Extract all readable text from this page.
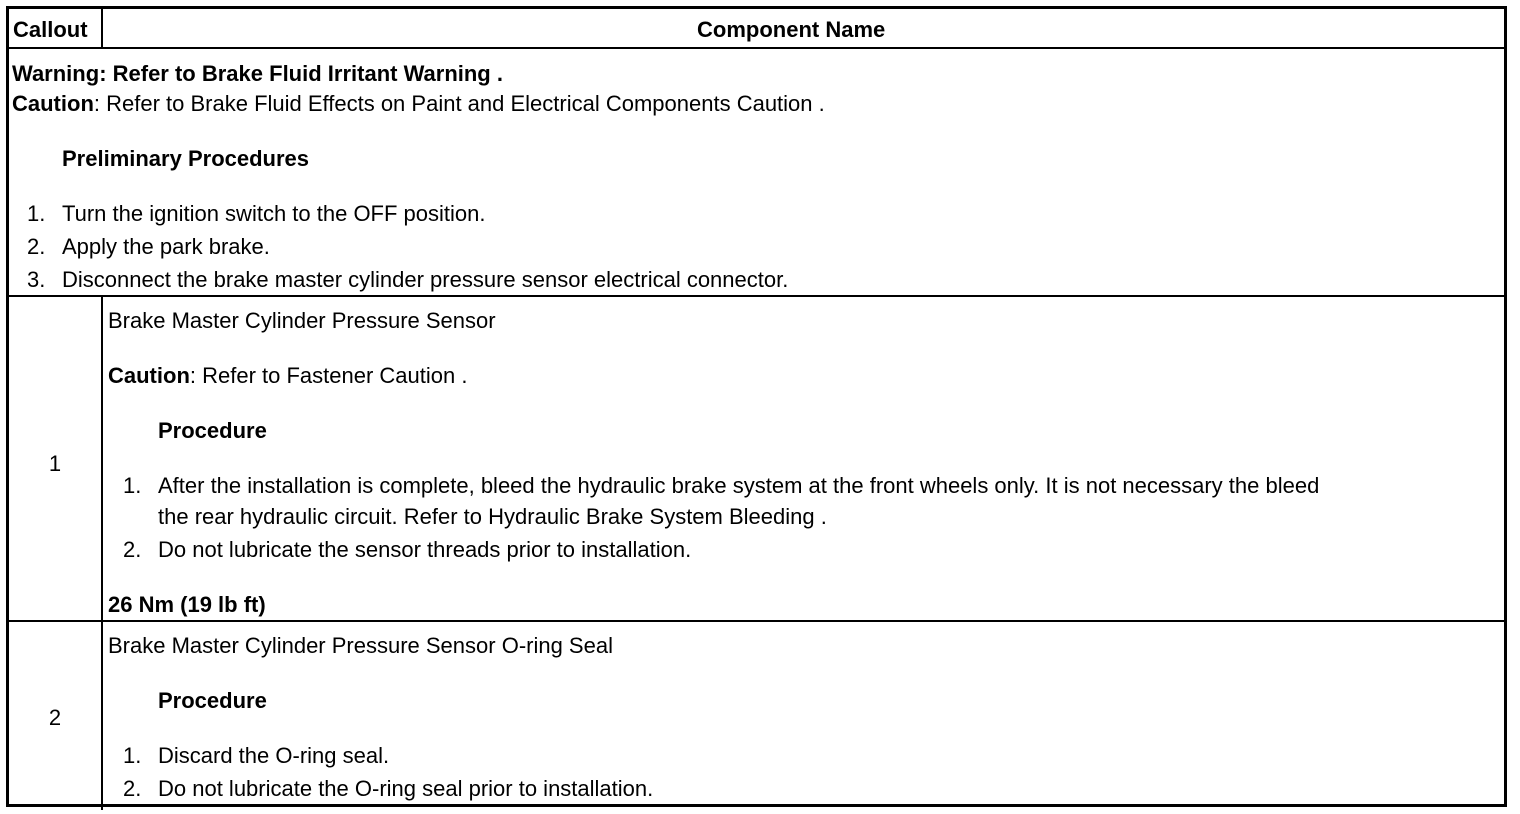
Callout	Component Name
Warning: Refer to Brake Fluid Irritant Warning .
Caution: Refer to Brake Fluid Effects on Paint and Electrical Components Caution .
Preliminary Procedures
1. Turn the ignition switch to the OFF position.
2. Apply the park brake.
3. Disconnect the brake master cylinder pressure sensor electrical connector.
1
Brake Master Cylinder Pressure Sensor
Caution: Refer to Fastener Caution .
Procedure
1. After the installation is complete, bleed the hydraulic brake system at the front wheels only. It is not necessary the bleed
the rear hydraulic circuit. Refer to Hydraulic Brake System Bleeding .
2. Do not lubricate the sensor threads prior to installation.
26 Nm (19 lb ft)
2
Brake Master Cylinder Pressure Sensor O-ring Seal
Procedure
1. Discard the O-ring seal.
2. Do not lubricate the O-ring seal prior to installation.
